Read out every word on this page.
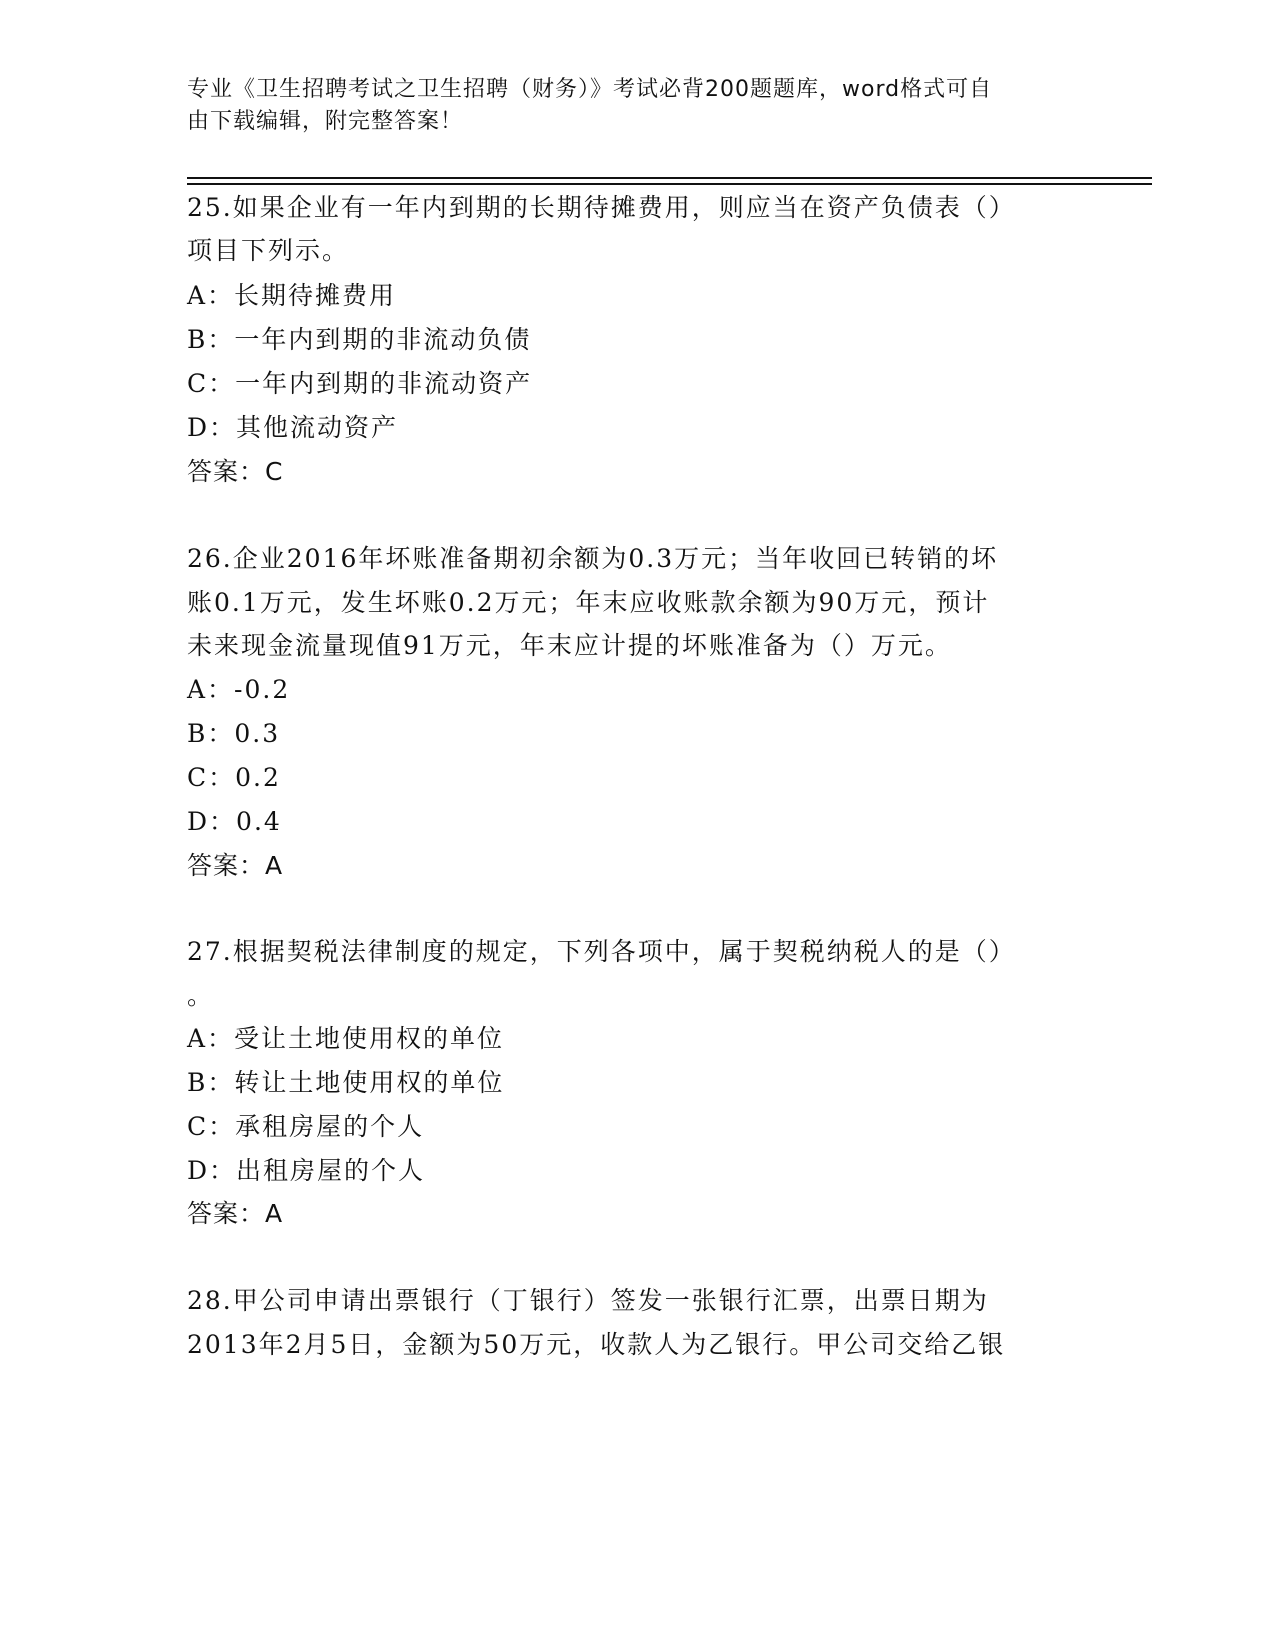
专业《卫生招聘考试之卫生招聘（财务）》考试必背200题题库，word格式可自
由下载编辑，附完整答案！
25.如果企业有一年内到期的长期待摊费用，则应当在资产负债表（）
项目下列示。
A：长期待摊费用
B：一年内到期的非流动负债
C：一年内到期的非流动资产
D：其他流动资产
答案：C
26.企业2016年坏账准备期初余额为0.3万元；当年收回已转销的坏
账0.1万元，发生坏账0.2万元；年末应收账款余额为90万元，预计
未来现金流量现值91万元，年末应计提的坏账准备为（）万元。
A：-0.2
B：0.3
C：0.2
D：0.4
答案：A
27.根据契税法律制度的规定，下列各项中，属于契税纳税人的是（）
。
A：受让土地使用权的单位
B：转让土地使用权的单位
C：承租房屋的个人
D：出租房屋的个人
答案：A
28.甲公司申请出票银行（丁银行）签发一张银行汇票，出票日期为
2013年2月5日，金额为50万元，收款人为乙银行。甲公司交给乙银
